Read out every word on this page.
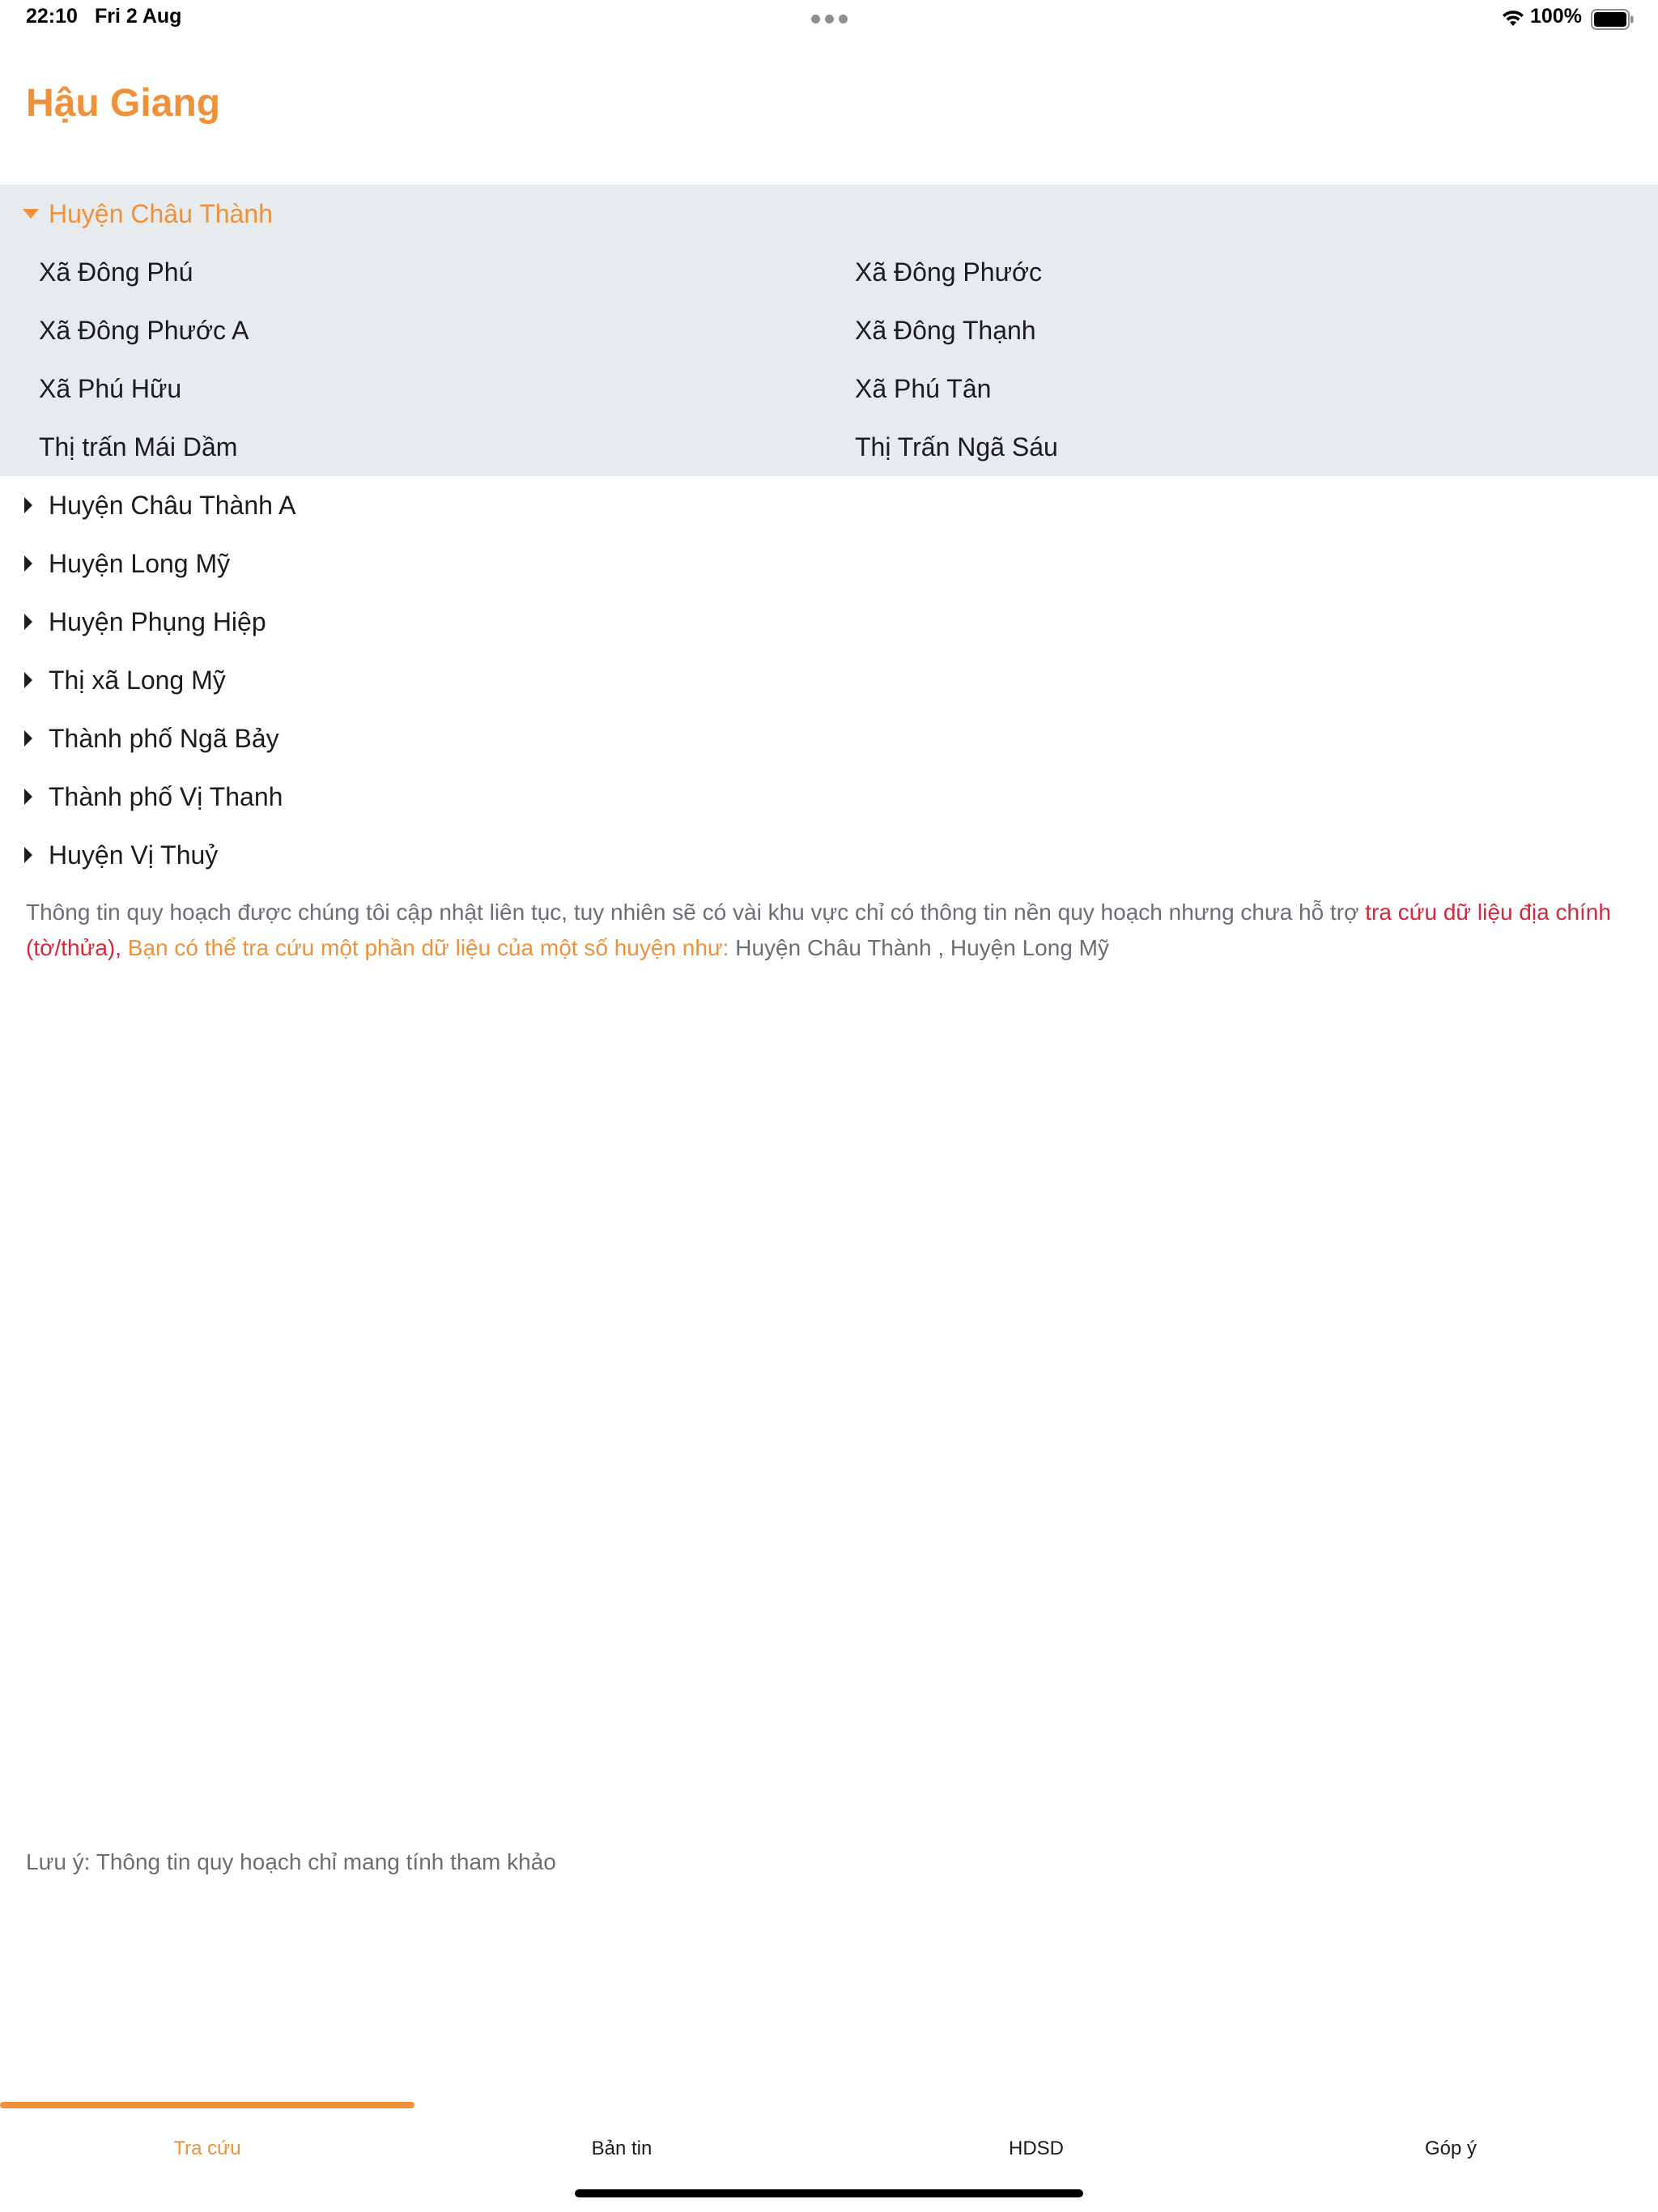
22:10 Fri 2 Aug	100%
Hậu Giang
Huyện Châu Thành
Xã Đông Phú	Xã Đông Phước
Xã Đông Phước A	Xã Đông Thạnh
Xã Phú Hữu	Xã Phú Tân
Thị trấn Mái Dầm	Thị Trấn Ngã Sáu
Huyện Châu Thành A
Huyện Long Mỹ
Huyện Phụng Hiệp
Thị xã Long Mỹ
Thành phố Ngã Bảy
Thành phố Vị Thanh
Huyện Vị Thuỷ
Thông tin quy hoạch được chúng tôi cập nhật liên tục, tuy nhiên sẽ có vài khu vực chỉ có thông tin nền quy hoạch nhưng chưa hỗ trợ tra cứu dữ liệu địa chính (tờ/thửa), Bạn có thể tra cứu một phần dữ liệu của một số huyện như: Huyện Châu Thành , Huyện Long Mỹ
Lưu ý: Thông tin quy hoạch chỉ mang tính tham khảo
Tra cứu	Bản tin	HDSD	Góp ý
